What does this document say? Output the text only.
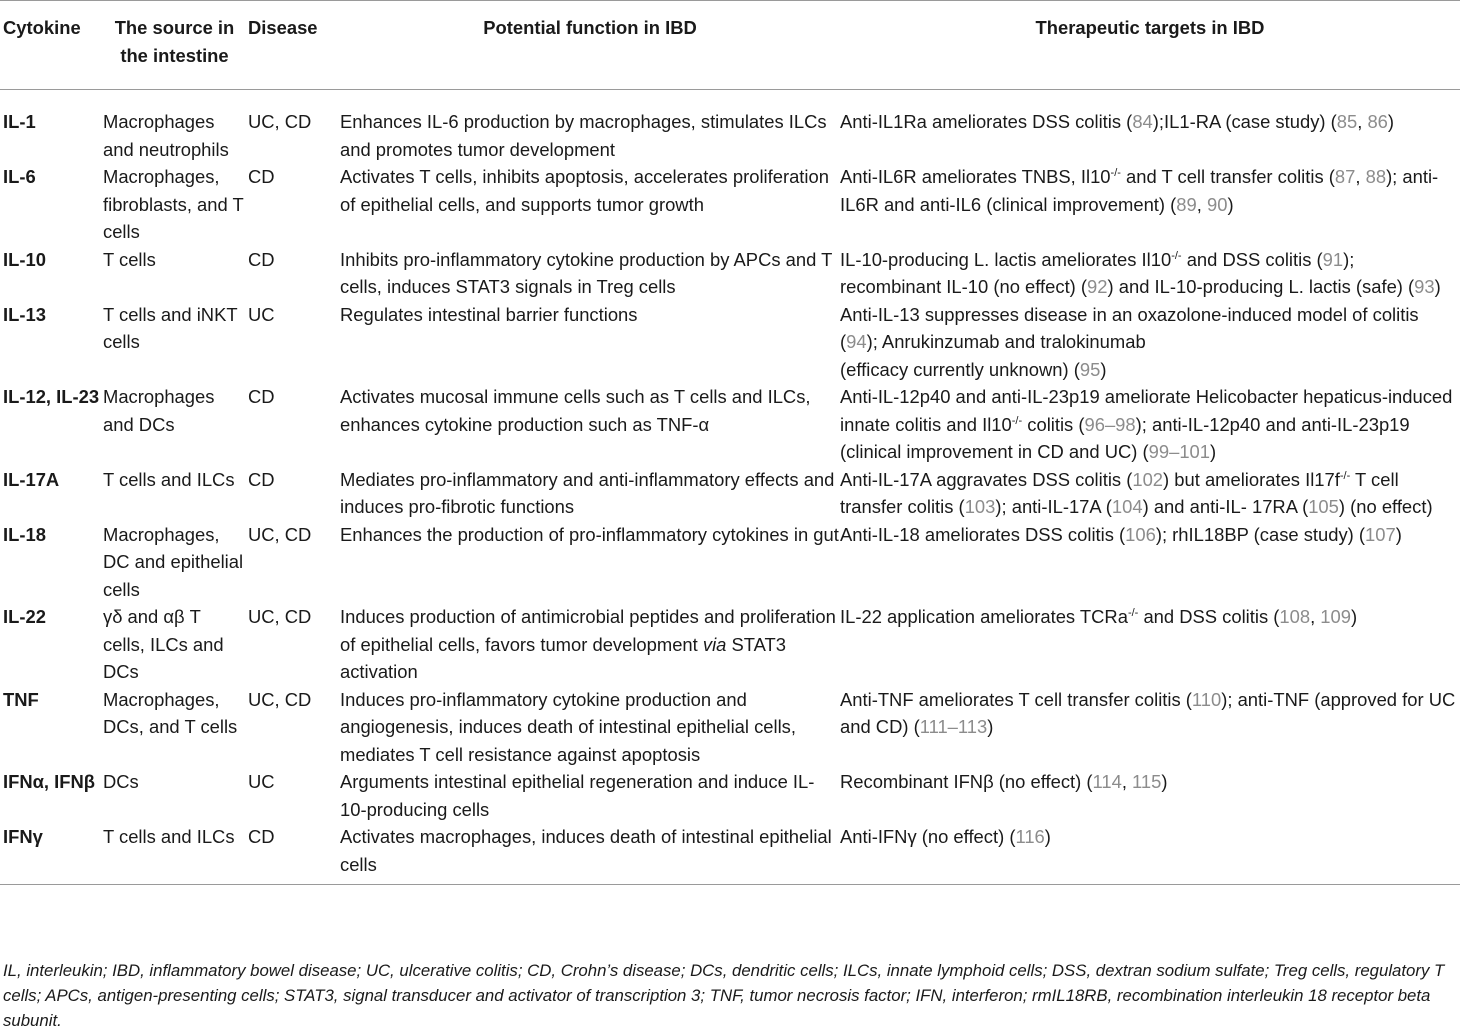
Cytokine	The source in the intestine	Disease	Potential function in IBD	Therapeutic targets in IBD
IL-1	Macrophages and neutrophils	UC, CD	Enhances IL-6 production by macrophages, stimulates ILCs and promotes tumor development	Anti-IL1Ra ameliorates DSS colitis (84);IL1-RA (case study) (85, 86)
IL-6	Macrophages, fibroblasts, and T cells	CD	Activates T cells, inhibits apoptosis, accelerates proliferation of epithelial cells, and supports tumor growth	Anti-IL6R ameliorates TNBS, Il10-/- and T cell transfer colitis (87, 88); anti-IL6R and anti-IL6 (clinical improvement) (89, 90)
IL-10	T cells	CD	Inhibits pro-inflammatory cytokine production by APCs and T cells, induces STAT3 signals in Treg cells	IL-10-producing L. lactis ameliorates Il10-/- and DSS colitis (91); recombinant IL-10 (no effect) (92) and IL-10-producing L. lactis (safe) (93)
IL-13	T cells and iNKT cells	UC	Regulates intestinal barrier functions	Anti-IL-13 suppresses disease in an oxazolone-induced model of colitis (94); Anrukinzumab and tralokinumab
(efficacy currently unknown) (95)
IL-12, IL-23	Macrophages and DCs	CD	Activates mucosal immune cells such as T cells and ILCs, enhances cytokine production such as TNF-α	Anti-IL-12p40 and anti-IL-23p19 ameliorate Helicobacter hepaticus-induced innate colitis and Il10-/- colitis (96–98); anti-IL-12p40 and anti-IL-23p19 (clinical improvement in CD and UC) (99–101)
IL-17A	T cells and ILCs	CD	Mediates pro-inflammatory and anti-inflammatory effects and induces pro-fibrotic functions	Anti-IL-17A aggravates DSS colitis (102) but ameliorates Il17f-/- T cell transfer colitis (103); anti-IL-17A (104) and anti-IL- 17RA (105) (no effect)
IL-18	Macrophages, DC and epithelial cells	UC, CD	Enhances the production of pro-inflammatory cytokines in gut	Anti-IL-18 ameliorates DSS colitis (106); rhIL18BP (case study) (107)
IL-22	γδ and αβ T cells, ILCs and DCs	UC, CD	Induces production of antimicrobial peptides and proliferation of epithelial cells, favors tumor development via STAT3 activation	IL-22 application ameliorates TCRa-/- and DSS colitis (108, 109)
TNF	Macrophages, DCs, and T cells	UC, CD	Induces pro-inflammatory cytokine production and angiogenesis, induces death of intestinal epithelial cells, mediates T cell resistance against apoptosis	Anti-TNF ameliorates T cell transfer colitis (110); anti-TNF (approved for UC and CD) (111–113)
IFNα, IFNβ	DCs	UC	Arguments intestinal epithelial regeneration and induce IL-10-producing cells	Recombinant IFNβ (no effect) (114, 115)
IFNγ	T cells and ILCs	CD	Activates macrophages, induces death of intestinal epithelial cells	Anti-IFNγ (no effect) (116)
IL, interleukin; IBD, inflammatory bowel disease; UC, ulcerative colitis; CD, Crohn’s disease; DCs, dendritic cells; ILCs, innate lymphoid cells; DSS, dextran sodium sulfate; Treg cells, regulatory T cells; APCs, antigen-presenting cells; STAT3, signal transducer and activator of transcription 3; TNF, tumor necrosis factor; IFN, interferon; rmIL18RB, recombination interleukin 18 receptor beta subunit.
